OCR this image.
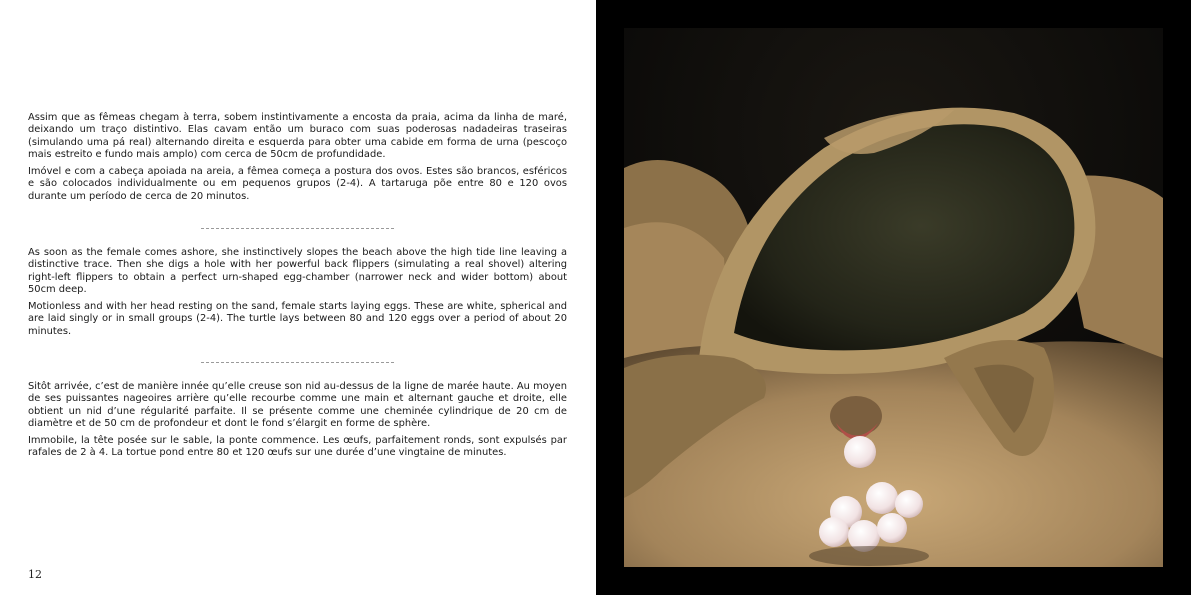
Assim que as fêmeas chegam à terra, sobem instintivamente a encosta da praia, acima da linha de maré, deixando um traço distintivo. Elas cavam então um buraco com suas poderosas nadadeiras traseiras (simulando uma pá real) alternando direita e esquerda para obter uma cabide em forma de urna (pescoço mais estreito e fundo mais amplo) com cerca de 50cm de profundidade.

Imóvel e com a cabeça apoiada na areia, a fêmea começa a postura dos ovos. Estes são brancos, esféricos e são colocados individualmente ou em pequenos grupos (2-4). A tartaruga põe entre 80 e 120 ovos durante um período de cerca de 20 minutos.

As soon as the female comes ashore, she instinctively slopes the beach above the high tide line leaving a distinctive trace. Then she digs a hole with her powerful back flippers (simulating a real shovel) altering right-left flippers to obtain a perfect urn-shaped egg-chamber (narrower neck and wider bottom) about 50cm deep.

Motionless and with her head resting on the sand, female starts laying eggs. These are white, spherical and are laid singly or in small groups (2-4). The turtle lays between 80 and 120 eggs over a period of about 20 minutes.

Sitôt arrivée, c’est de manière innée qu’elle creuse son nid au-dessus de la ligne de marée haute. Au moyen de ses puissantes nageoires arrière qu’elle recourbe comme une main et alternant gauche et droite, elle obtient un nid d’une régularité parfaite. Il se présente comme une cheminée cylindrique de 20 cm de diamètre et de 50 cm de profondeur et dont le fond s’élargit en forme de sphère.

Immobile, la tête posée sur le sable, la ponte commence. Les œufs, parfaitement ronds, sont expulsés par rafales de 2 à 4. La tortue pond entre 80 et 120 œufs sur une durée d’une vingtaine de minutes.

12
